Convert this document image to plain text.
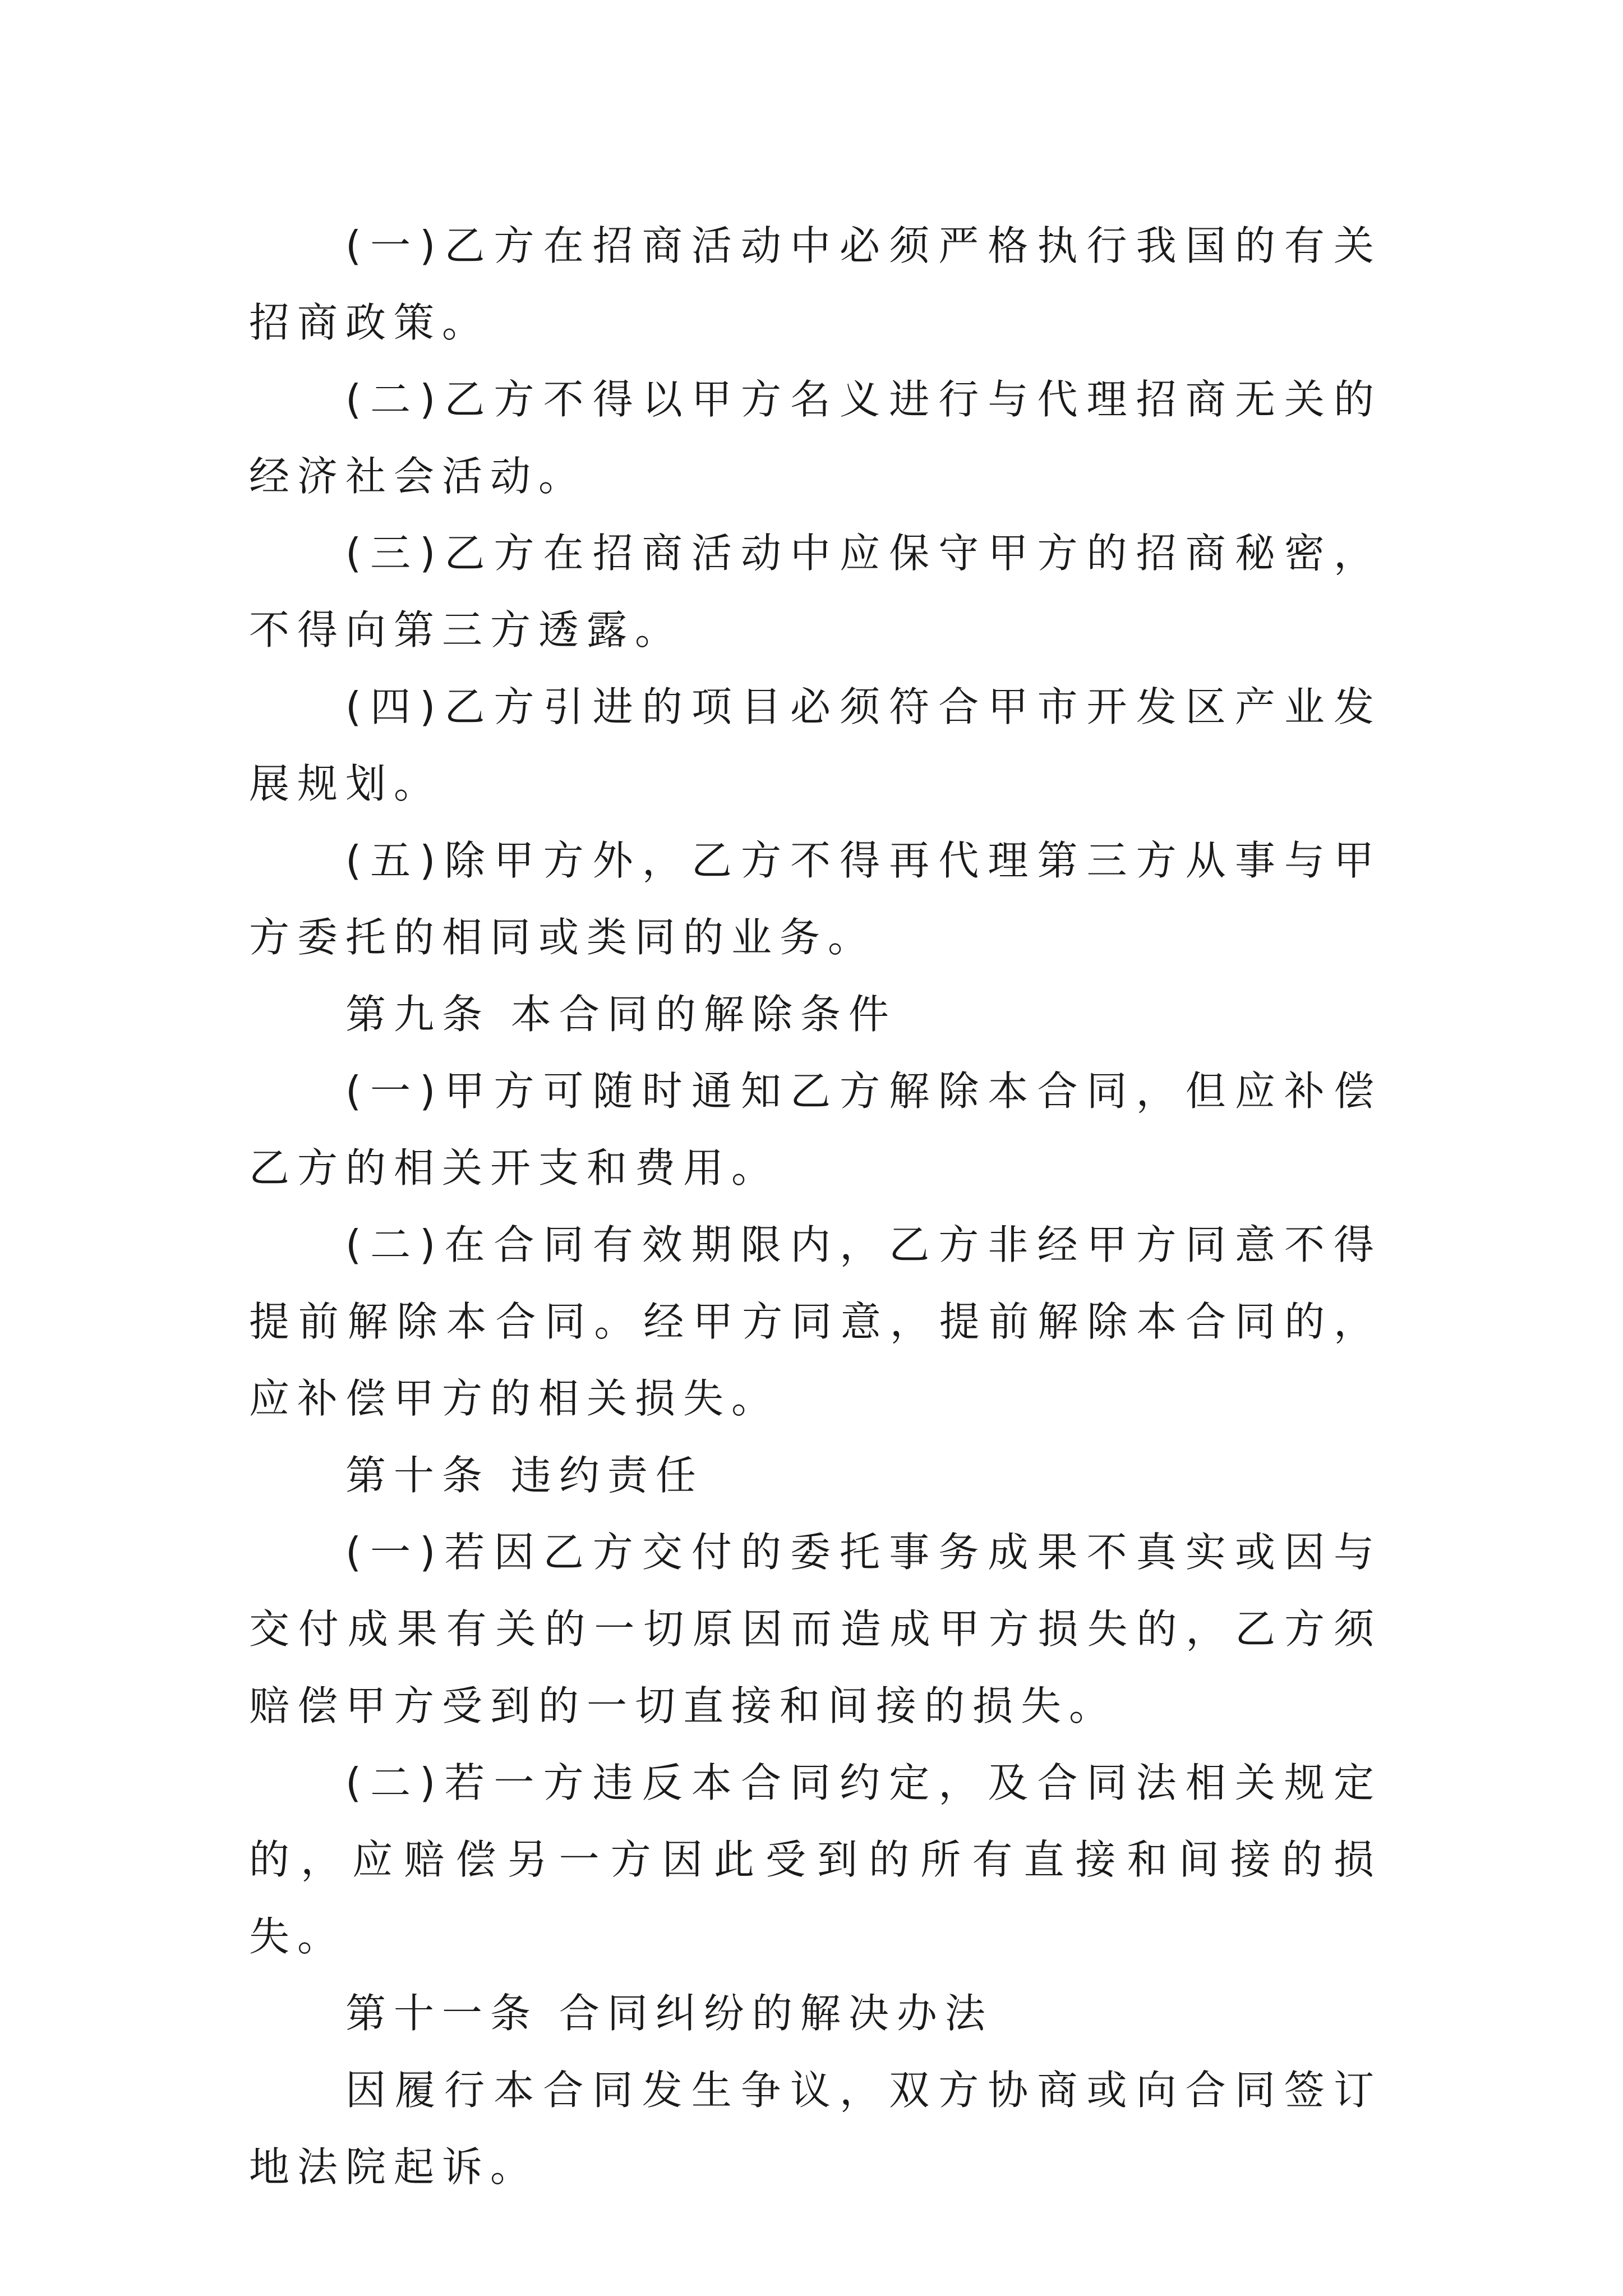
(一)乙方在招商活动中必须严格执行我国的有关招商政策。

(二)乙方不得以甲方名义进行与代理招商无关的经济社会活动。

(三)乙方在招商活动中应保守甲方的招商秘密，不得向第三方透露。

(四)乙方引进的项目必须符合甲市开发区产业发展规划。

(五)除甲方外，乙方不得再代理第三方从事与甲方委托的相同或类同的业务。

第九条 本合同的解除条件

(一)甲方可随时通知乙方解除本合同，但应补偿乙方的相关开支和费用。

(二)在合同有效期限内，乙方非经甲方同意不得提前解除本合同。经甲方同意，提前解除本合同的，应补偿甲方的相关损失。

第十条 违约责任

(一)若因乙方交付的委托事务成果不真实或因与交付成果有关的一切原因而造成甲方损失的，乙方须赔偿甲方受到的一切直接和间接的损失。

(二)若一方违反本合同约定，及合同法相关规定的，应赔偿另一方因此受到的所有直接和间接的损失。

第十一条 合同纠纷的解决办法

因履行本合同发生争议，双方协商或向合同签订地法院起诉。
